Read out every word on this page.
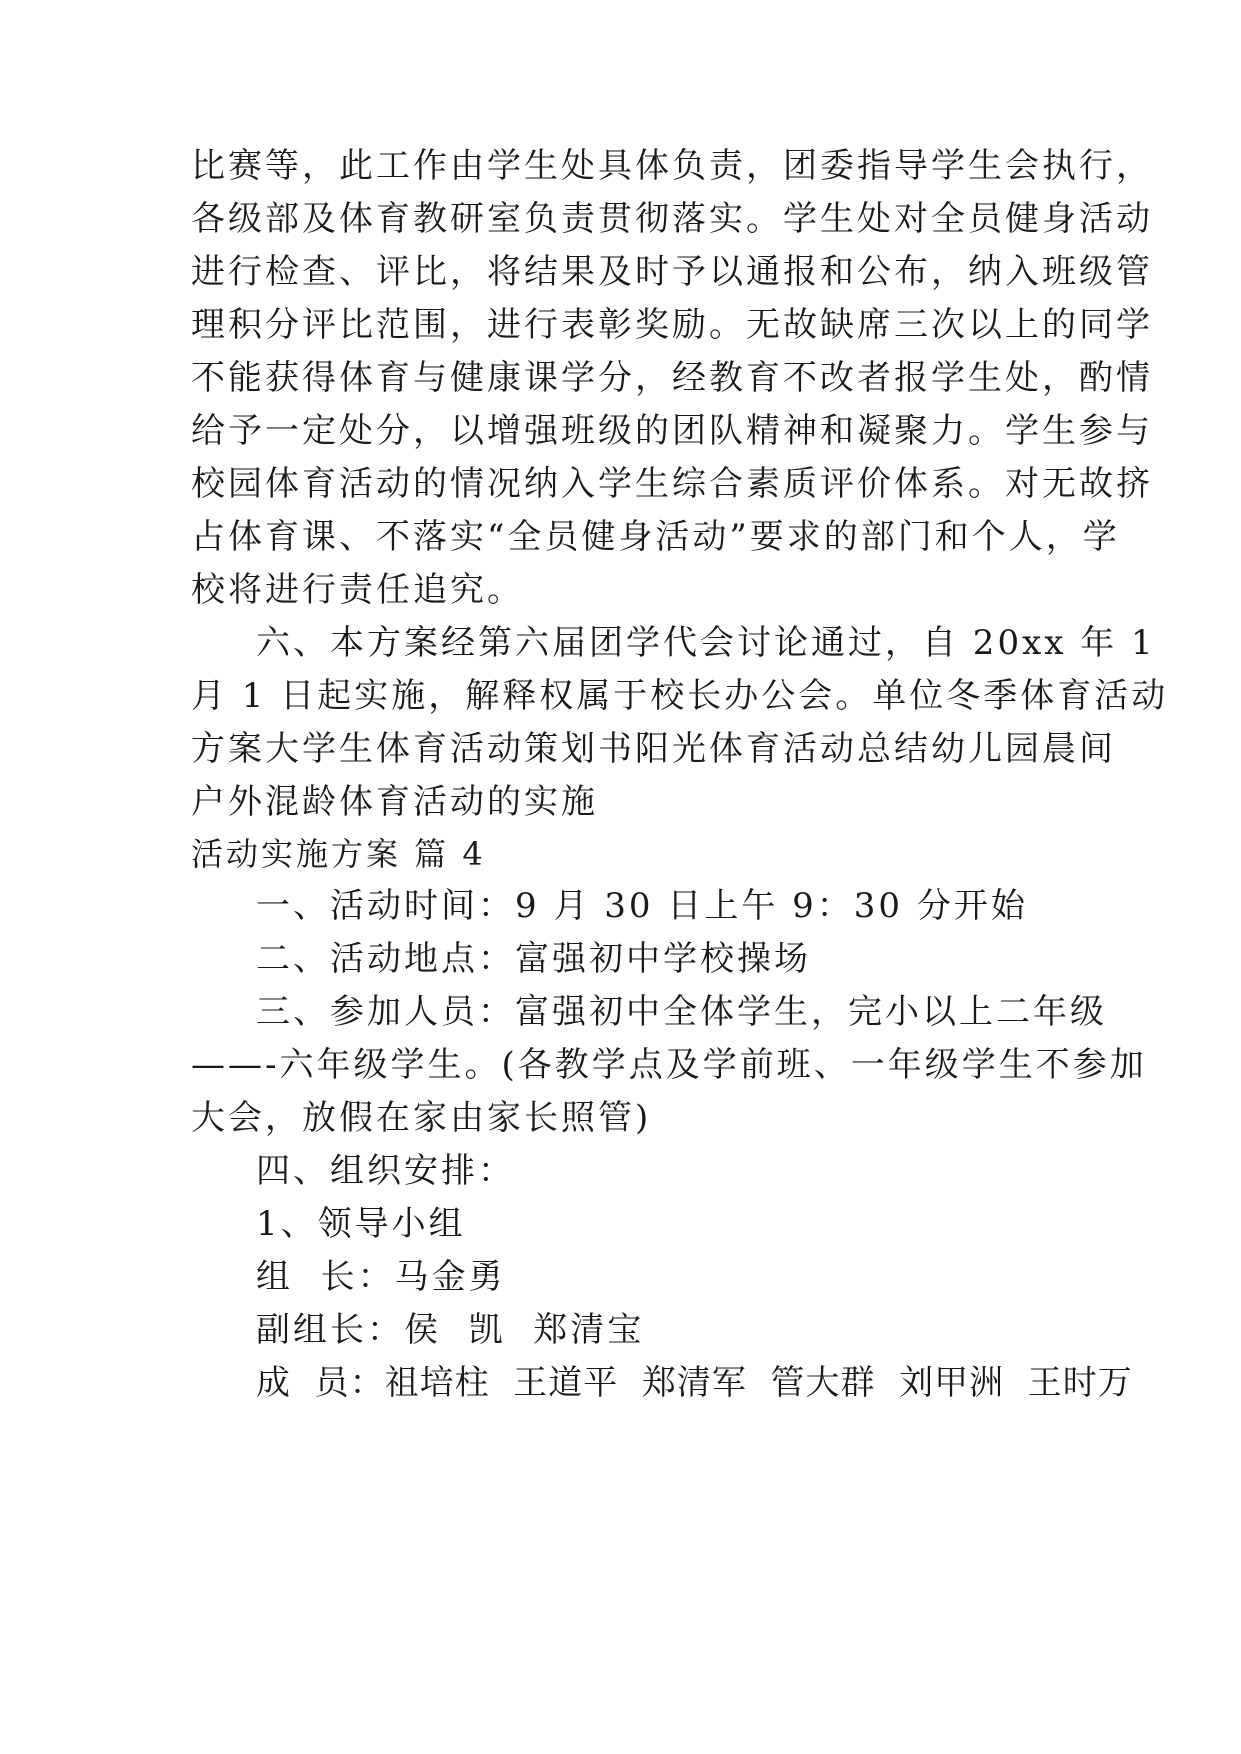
比赛等，此工作由学生处具体负责，团委指导学生会执行，
各级部及体育教研室负责贯彻落实。学生处对全员健身活动
进行检查、评比，将结果及时予以通报和公布，纳入班级管
理积分评比范围，进行表彰奖励。无故缺席三次以上的同学
不能获得体育与健康课学分，经教育不改者报学生处，酌情
给予一定处分，以增强班级的团队精神和凝聚力。学生参与
校园体育活动的情况纳入学生综合素质评价体系。对无故挤
占体育课、不落实“全员健身活动”要求的部门和个人，学
校将进行责任追究。
六、本方案经第六届团学代会讨论通过，自 20xx 年 1
月 1 日起实施，解释权属于校长办公会。单位冬季体育活动
方案大学生体育活动策划书阳光体育活动总结幼儿园晨间
户外混龄体育活动的实施
活动实施方案 篇 4
一、活动时间：9 月 30 日上午 9：30 分开始
二、活动地点：富强初中学校操场
三、参加人员：富强初中全体学生，完小以上二年级
——-六年级学生。(各教学点及学前班、一年级学生不参加
大会，放假在家由家长照管)
四、组织安排：
1、领导小组
组  长：马金勇
副组长：侯  凯  郑清宝
成  员：祖培柱  王道平  郑清军  管大群  刘甲洲  王时万
